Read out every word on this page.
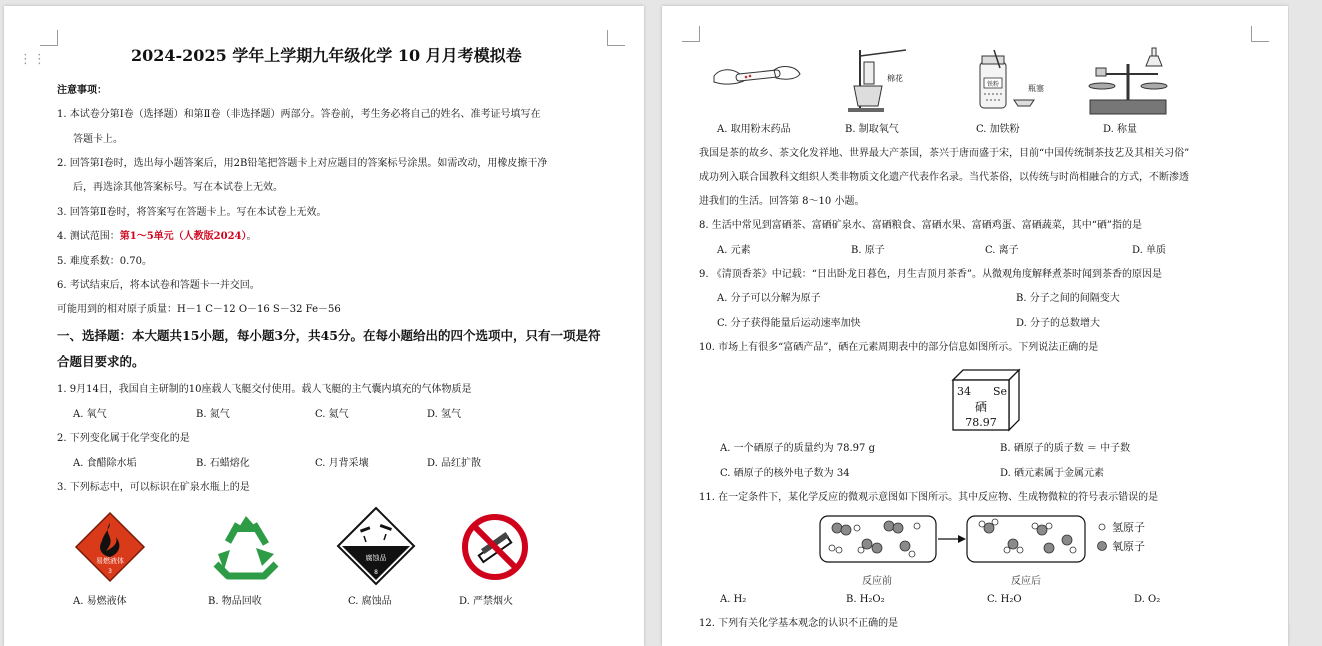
2024-2025 学年上学期九年级化学 10 月月考模拟卷
注意事项：
1. 本试卷分第Ⅰ卷（选择题）和第Ⅱ卷（非选择题）两部分。答卷前，考生务必将自己的姓名、准考证号填写在
答题卡上。
2. 回答第Ⅰ卷时，选出每小题答案后，用2B铅笔把答题卡上对应题目的答案标号涂黑。如需改动，用橡皮擦干净
后，再选涂其他答案标号。写在本试卷上无效。
3. 回答第Ⅱ卷时，将答案写在答题卡上。写在本试卷上无效。
4. 测试范围：第1～5单元（人教版2024）。
5. 难度系数：0.70。
6. 考试结束后，将本试卷和答题卡一并交回。
可能用到的相对原子质量：H－1 C－12 O－16 S－32 Fe－56
一、选择题：本大题共15小题，每小题3分，共45分。在每小题给出的四个选项中，只有一项是符
合题目要求的。
1. 9月14日，我国自主研制的10座载人飞艇交付使用。载人飞艇的主气囊内填充的气体物质是
A. 氧气	B. 氮气	C. 氦气	D. 氢气
2. 下列变化属于化学变化的是
A. 食醋除水垢	B. 石蜡熔化	C. 月背采壤	D. 品红扩散
3. 下列标志中，可以标识在矿泉水瓶上的是
易燃液体
3
腐蚀品
8
A. 易燃液体	B. 物品回收	C. 腐蚀品	D. 严禁烟火
⋮⋮
棉花
铁粉	瓶塞
A. 取用粉末药品	B. 制取氧气	C. 加铁粉	D. 称量
我国是茶的故乡、茶文化发祥地、世界最大产茶国，茶兴于唐而盛于宋，目前“中国传统制茶技艺及其相关习俗”
成功列入联合国教科文组织人类非物质文化遗产代表作名录。当代茶俗，以传统与时尚相融合的方式，不断渗透
进我们的生活。回答第 8～10 小题。
8. 生活中常见到富硒茶、富硒矿泉水、富硒粮食、富硒水果、富硒鸡蛋、富硒蔬菜，其中“硒”指的是
A. 元素	B. 原子	C. 离子	D. 单质
9. 《清顶香茶》中记载：“日出卧龙日暮色，月生吉顶月茶香”。从微观角度解释煮茶时闻到茶香的原因是
A. 分子可以分解为原子	B. 分子之间的间隔变大
C. 分子获得能量后运动速率加快	D. 分子的总数增大
10. 市场上有很多“富硒产品”，硒在元素周期表中的部分信息如图所示。下列说法正确的是
34 Se
硒
78.97
A. 一个硒原子的质量约为 78.97 g	B. 硒原子的质子数 ＝ 中子数
C. 硒原子的核外电子数为 34	D. 硒元素属于金属元素
11. 在一定条件下，某化学反应的微观示意图如下图所示。其中反应物、生成物微粒的符号表示错误的是
氢原子
氧原子
反应前	反应后
A. H₂	B. H₂O₂	C. H₂O	D. O₂
12. 下列有关化学基本观念的认识不正确的是
